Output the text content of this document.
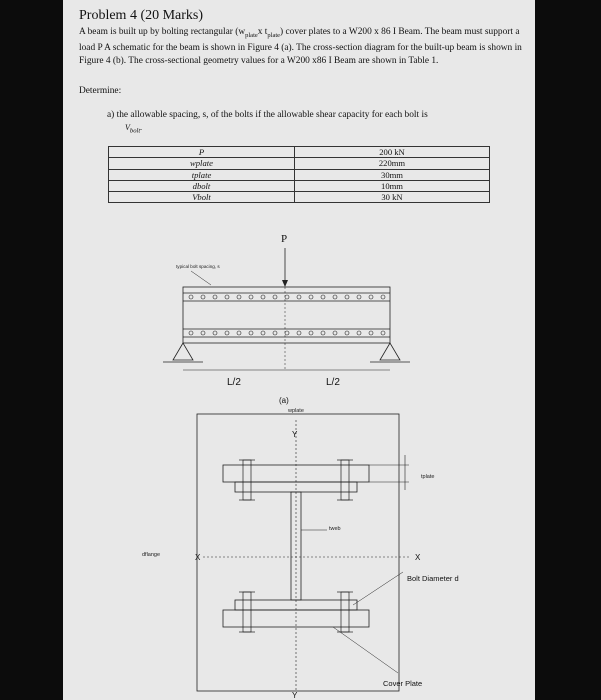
Problem 4 (20 Marks)
A beam is built up by bolting rectangular ($w_{plate}x$ $t_{plate}$) cover plates to a W200 x 86 I Beam. The beam must support a load P A schematic for the beam is shown in Figure 4 (a). The cross-section diagram for the built-up beam is shown in Figure 4 (b). The cross-sectional geometry values for a W200 x86 I Beam are shown in Table 1.
Determine:
a) the allowable spacing, s, of the bolts if the allowable shear capacity for each bolt is
$V_{bolt}$.
P	200 kN
wplate	220mm
tplate	30mm
dbolt	10mm
Vbolt	30 kN
P
typical bolt spacing, s
L/2	L/2
(a)
wplate
Y
Y
X	X
tplate
tweb
dflange
Bolt Diameter d
Cover Plate
